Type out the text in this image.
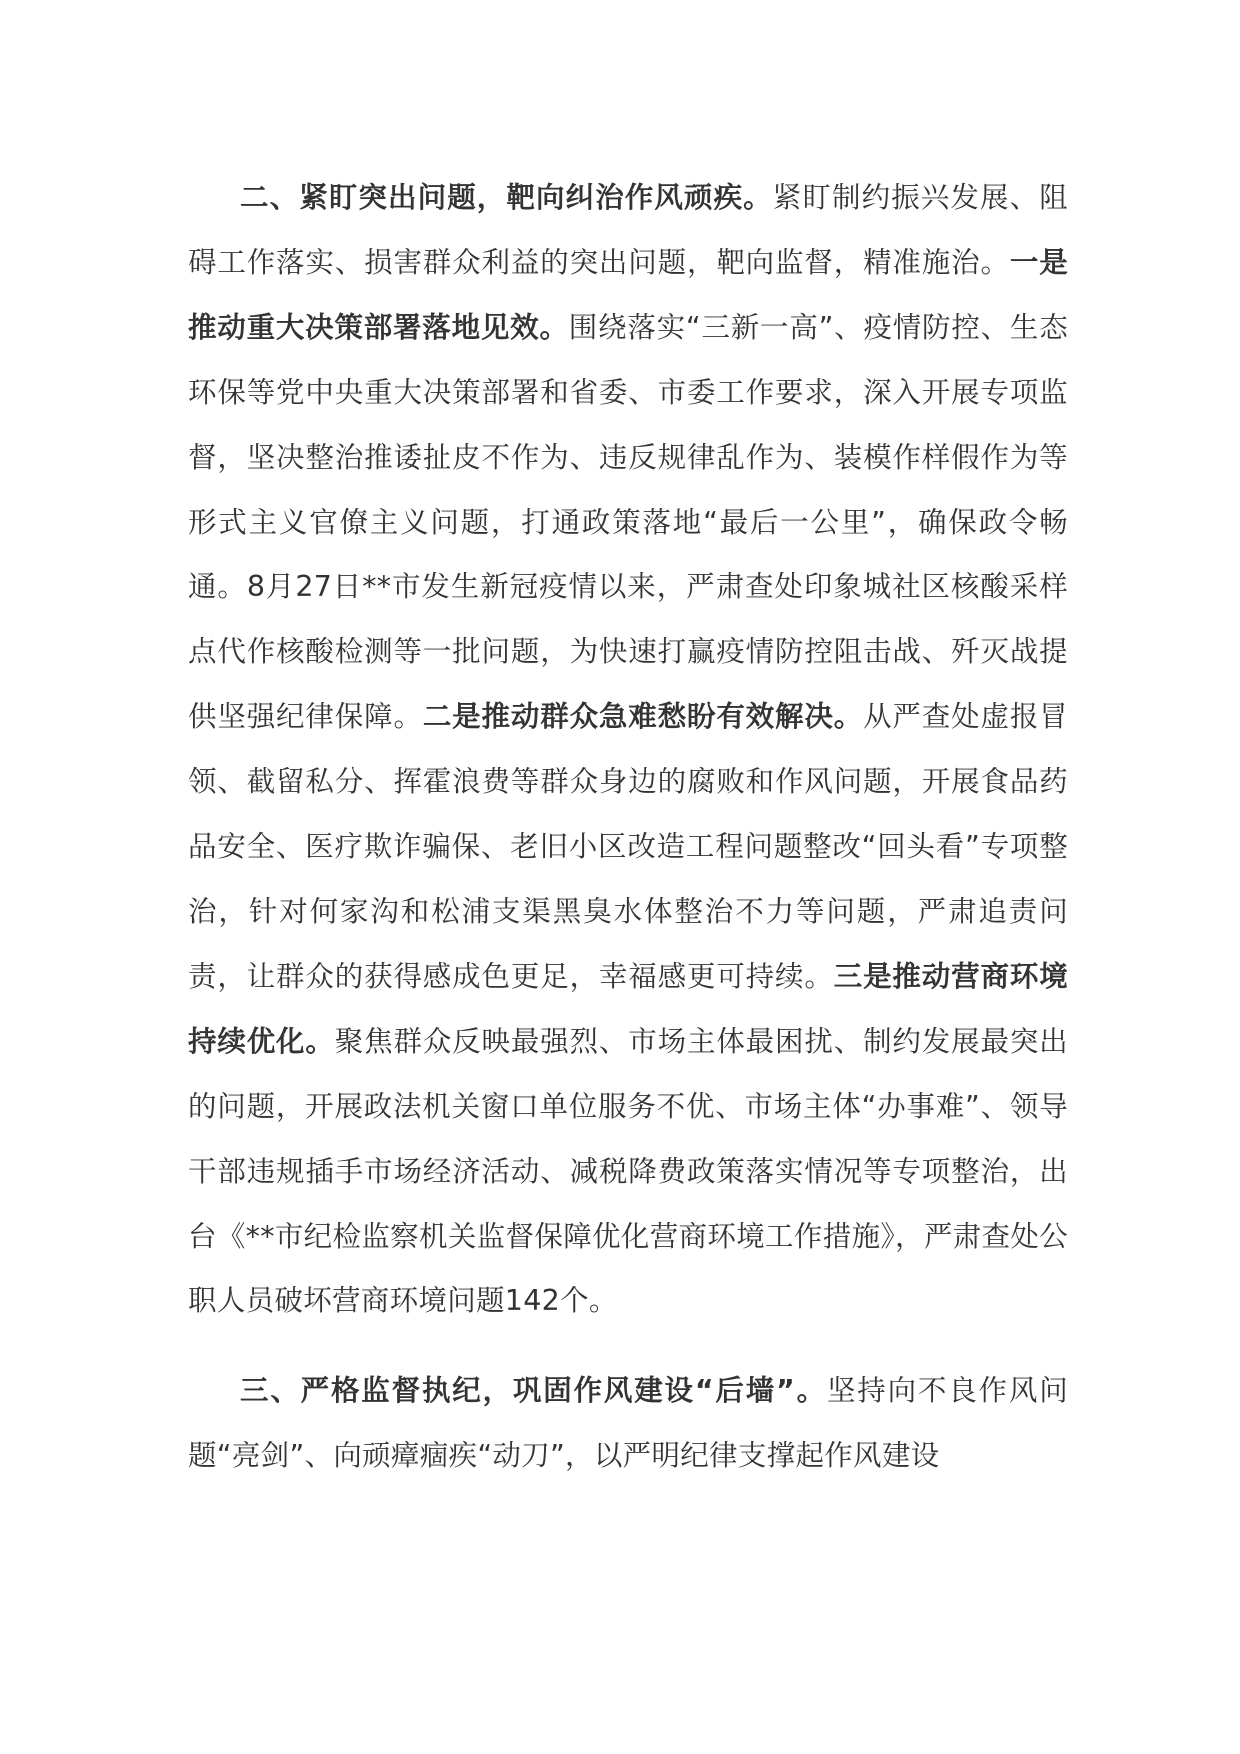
二、紧盯突出问题，靶向纠治作风顽疾。紧盯制约振兴发展、阻碍工作落实、损害群众利益的突出问题，靶向监督，精准施治。一是推动重大决策部署落地见效。围绕落实“三新一高”、疫情防控、生态环保等党中央重大决策部署和省委、市委工作要求，深入开展专项监督，坚决整治推诿扯皮不作为、违反规律乱作为、装模作样假作为等形式主义官僚主义问题，打通政策落地“最后一公里”，确保政令畅通。8月27日**市发生新冠疫情以来，严肃查处印象城社区核酸采样点代作核酸检测等一批问题，为快速打赢疫情防控阻击战、歼灭战提供坚强纪律保障。二是推动群众急难愁盼有效解决。从严查处虚报冒领、截留私分、挥霍浪费等群众身边的腐败和作风问题，开展食品药品安全、医疗欺诈骗保、老旧小区改造工程问题整改“回头看”专项整治，针对何家沟和松浦支渠黑臭水体整治不力等问题，严肃追责问责，让群众的获得感成色更足，幸福感更可持续。三是推动营商环境持续优化。聚焦群众反映最强烈、市场主体最困扰、制约发展最突出的问题，开展政法机关窗口单位服务不优、市场主体“办事难”、领导干部违规插手市场经济活动、减税降费政策落实情况等专项整治，出台《**市纪检监察机关监督保障优化营商环境工作措施》，严肃查处公职人员破坏营商环境问题142个。

三、严格监督执纪，巩固作风建设“后墙”。坚持向不良作风问题“亮剑”、向顽瘴痼疾“动刀”，以严明纪律支撑起作风建设
